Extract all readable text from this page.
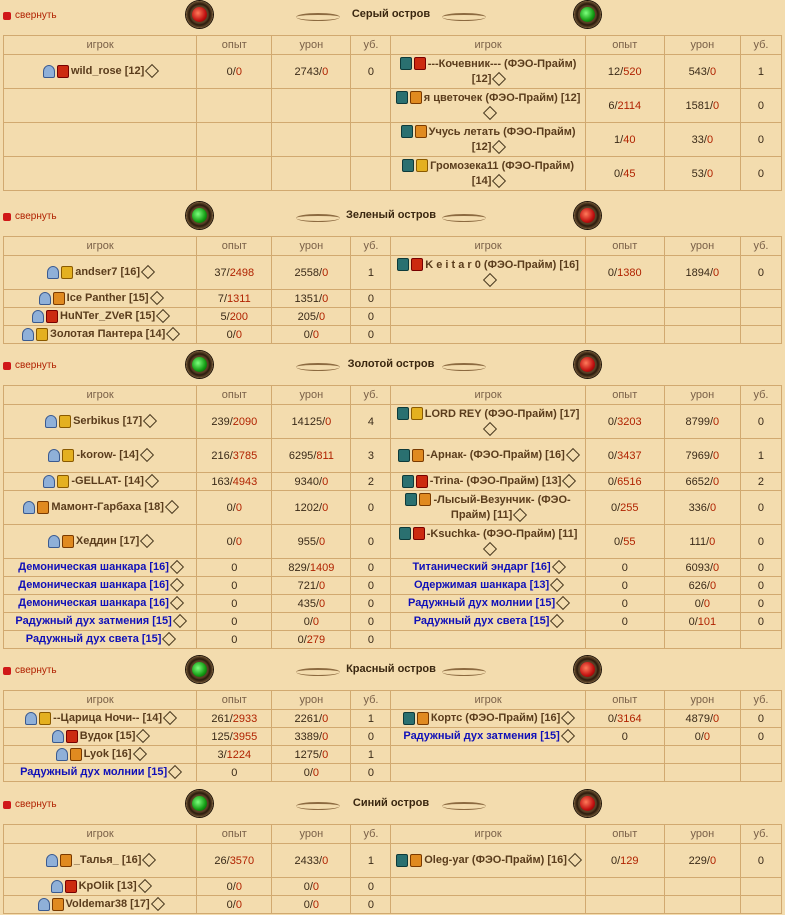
свернуть	Серый остров
игрок	опыт	урон	уб.	игрок	опыт	урон	уб.
wild_rose [12]	0/0	2743/0	0	---Кочевник--- (ФЭО-Прайм) [12]	12/520	543/0	1
				я цветочек (ФЭО-Прайм) [12]	6/2114	1581/0	0
				Учусь летать (ФЭО-Прайм) [12]	1/40	33/0	0
				Громозека11 (ФЭО-Прайм) [14]	0/45	53/0	0
свернуть	Зеленый остров
игрок	опыт	урон	уб.	игрок	опыт	урон	уб.
andser7 [16]	37/2498	2558/0	1	K e i t a r 0 (ФЭО-Прайм) [16]	0/1380	1894/0	0
Ice Panther [15]	7/1311	1351/0	0				
HuNTer_ZVeR [15]	5/200	205/0	0				
Золотая Пантера [14]	0/0	0/0	0				
свернуть	Золотой остров
игрок	опыт	урон	уб.	игрок	опыт	урон	уб.
Serbikus [17]	239/2090	14125/0	4	LORD REY (ФЭО-Прайм) [17]	0/3203	8799/0	0
-korow- [14]	216/3785	6295/811	3	-Арнак- (ФЭО-Прайм) [16]	0/3437	7969/0	1
-GELLAT- [14]	163/4943	9340/0	2	-Trina- (ФЭО-Прайм) [13]	0/6516	6652/0	2
Мамонт-Гарбаха [18]	0/0	1202/0	0	-Лысый-Везунчик- (ФЭО-Прайм) [11]	0/255	336/0	0
Хеддин [17]	0/0	955/0	0	-Ksuchka- (ФЭО-Прайм) [11]	0/55	111/0	0
Демоническая шанкара [16]	0	829/1409	0	Титанический эндарг [16]	0	6093/0	0
Демоническая шанкара [16]	0	721/0	0	Одержимая шанкара [13]	0	626/0	0
Демоническая шанкара [16]	0	435/0	0	Радужный дух молнии [15]	0	0/0	0
Радужный дух затмения [15]	0	0/0	0	Радужный дух света [15]	0	0/101	0
Радужный дух света [15]	0	0/279	0				
свернуть	Красный остров
игрок	опыт	урон	уб.	игрок	опыт	урон	уб.
--Царица Ночи-- [14]	261/2933	2261/0	1	Кортс (ФЭО-Прайм) [16]	0/3164	4879/0	0
Вудок [15]	125/3955	3389/0	0	Радужный дух затмения [15]	0	0/0	0
Lyok [16]	3/1224	1275/0	1				
Радужный дух молнии [15]	0	0/0	0				
свернуть	Синий остров
игрок	опыт	урон	уб.	игрок	опыт	урон	уб.
_Талья_ [16]	26/3570	2433/0	1	Oleg-yar (ФЭО-Прайм) [16]	0/129	229/0	0
KpOlik [13]	0/0	0/0	0				
Voldemar38 [17]	0/0	0/0	0				
